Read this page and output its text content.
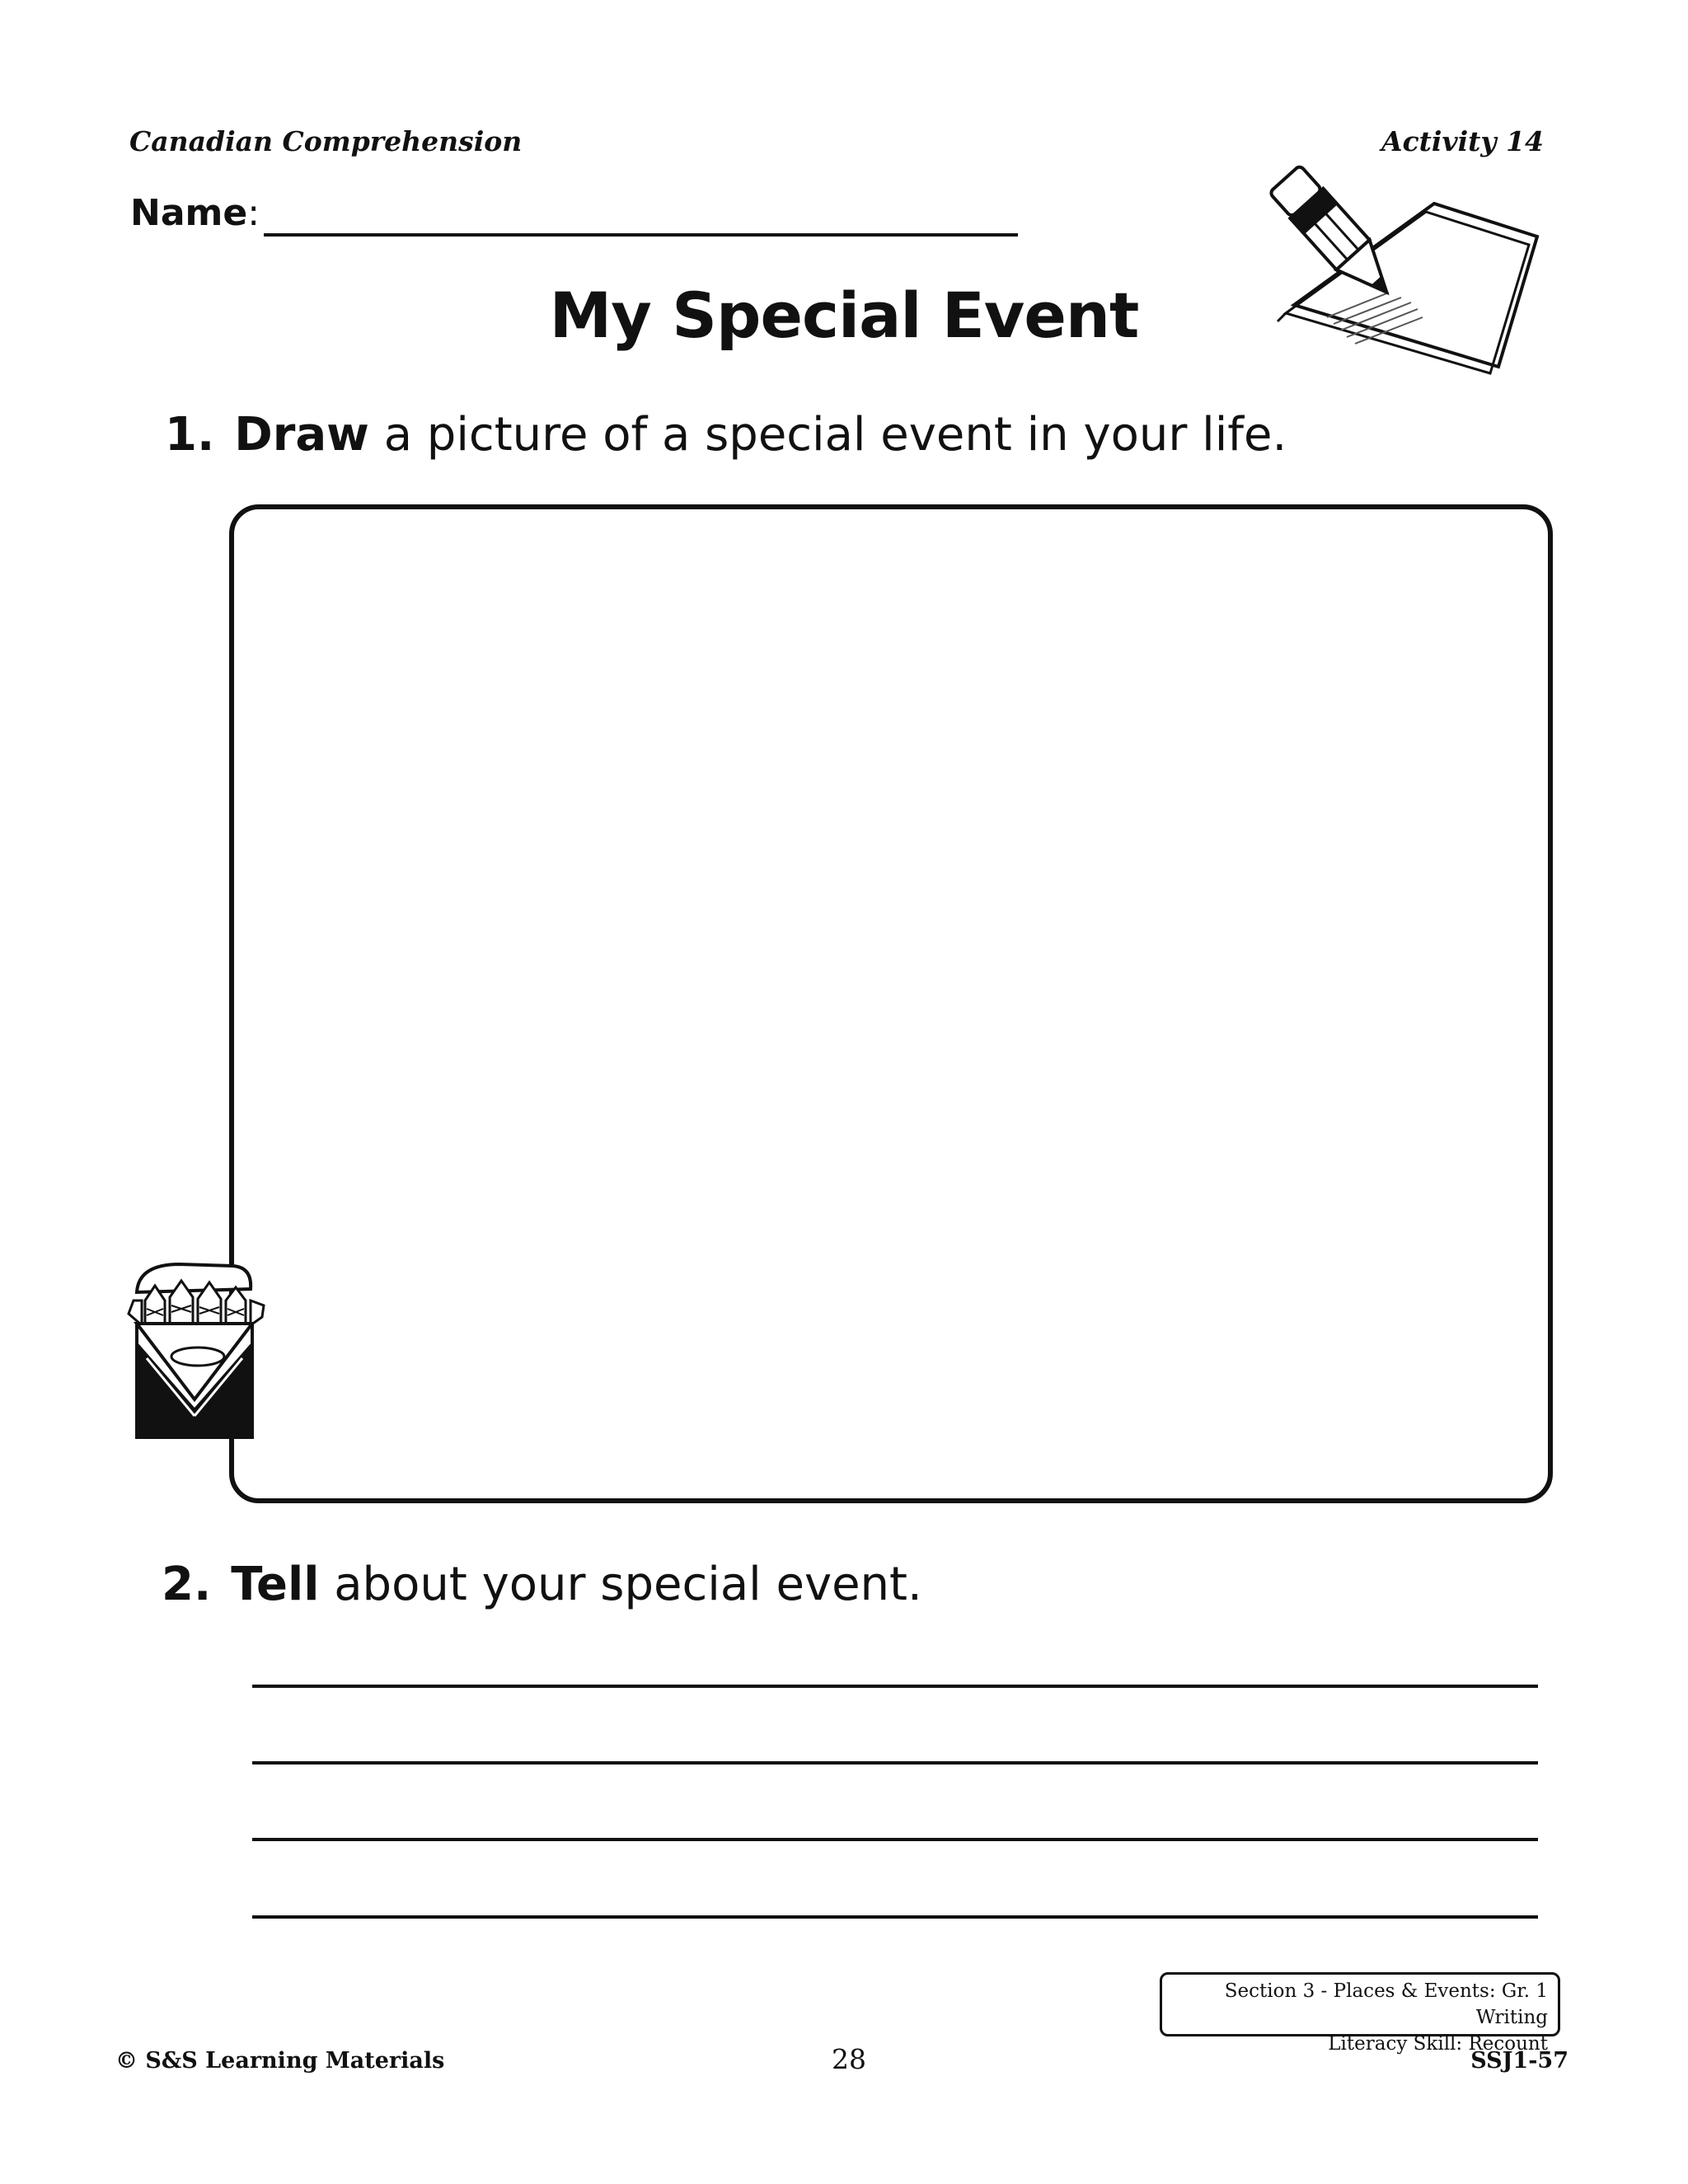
Canadian Comprehension	Activity 14
Name:
My Special Event
1. Draw a picture of a special event in your life.
2. Tell about your special event.
Section 3 - Places & Events: Gr. 1 Writing
Literacy Skill: Recount
© S&S Learning Materials	28	SSJ1-57
